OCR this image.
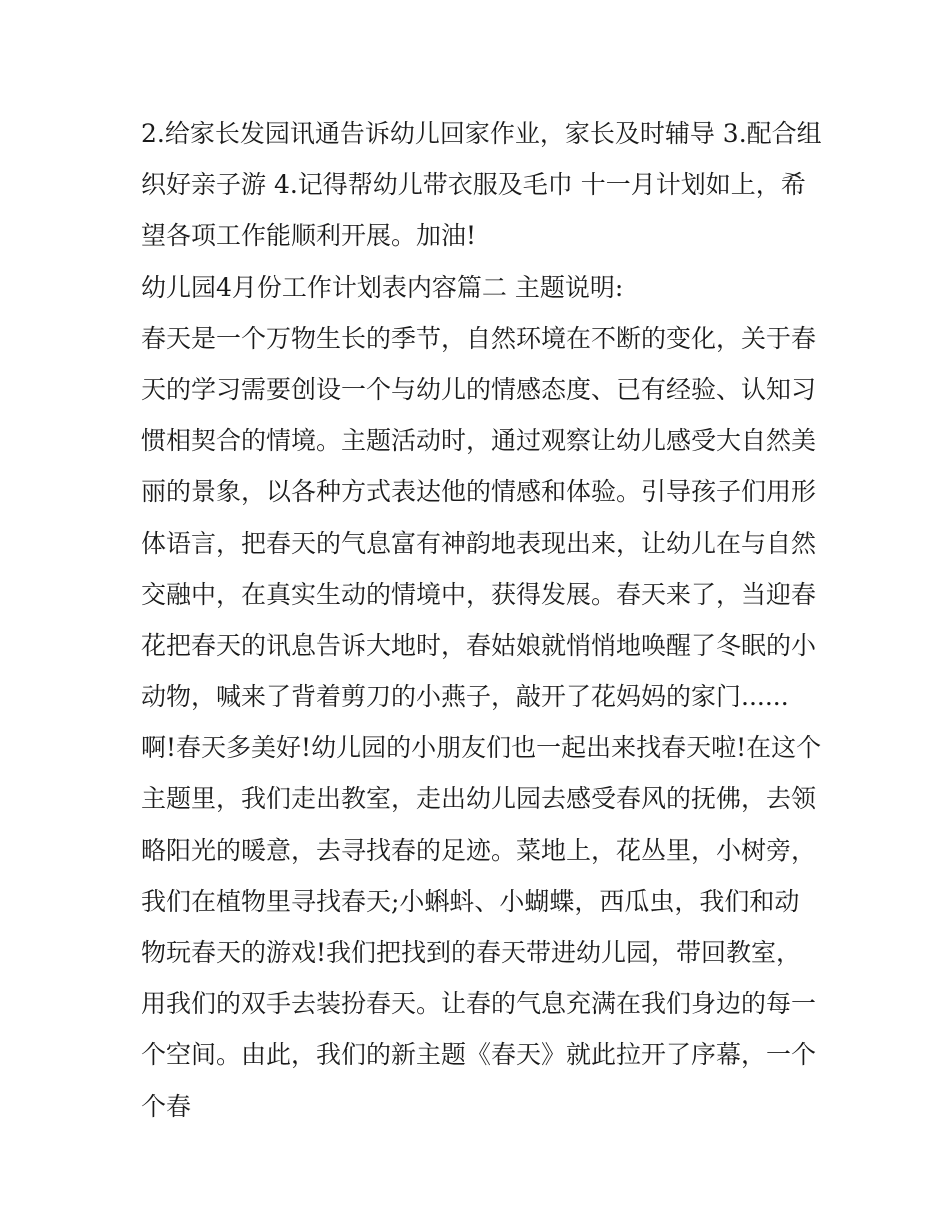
2.给家长发园讯通告诉幼儿回家作业，家长及时辅导 3.配合组
织好亲子游 4.记得帮幼儿带衣服及毛巾 十一月计划如上，希
望各项工作能顺利开展。加油!
幼儿园4月份工作计划表内容篇二 主题说明:
春天是一个万物生长的季节，自然环境在不断的变化，关于春
天的学习需要创设一个与幼儿的情感态度、已有经验、认知习
惯相契合的情境。主题活动时，通过观察让幼儿感受大自然美
丽的景象，以各种方式表达他的情感和体验。引导孩子们用形
体语言，把春天的气息富有神韵地表现出来，让幼儿在与自然
交融中，在真实生动的情境中，获得发展。春天来了，当迎春
花把春天的讯息告诉大地时，春姑娘就悄悄地唤醒了冬眠的小
动物，喊来了背着剪刀的小燕子，敲开了花妈妈的家门......
啊!春天多美好!幼儿园的小朋友们也一起出来找春天啦!在这个
主题里，我们走出教室，走出幼儿园去感受春风的抚佛，去领
略阳光的暖意，去寻找春的足迹。菜地上，花丛里，小树旁，
我们在植物里寻找春天;小蝌蚪、小蝴蝶，西瓜虫，我们和动
物玩春天的游戏!我们把找到的春天带进幼儿园，带回教室，
用我们的双手去装扮春天。让春的气息充满在我们身边的每一
个空间。由此，我们的新主题《春天》就此拉开了序幕，一个
个春
